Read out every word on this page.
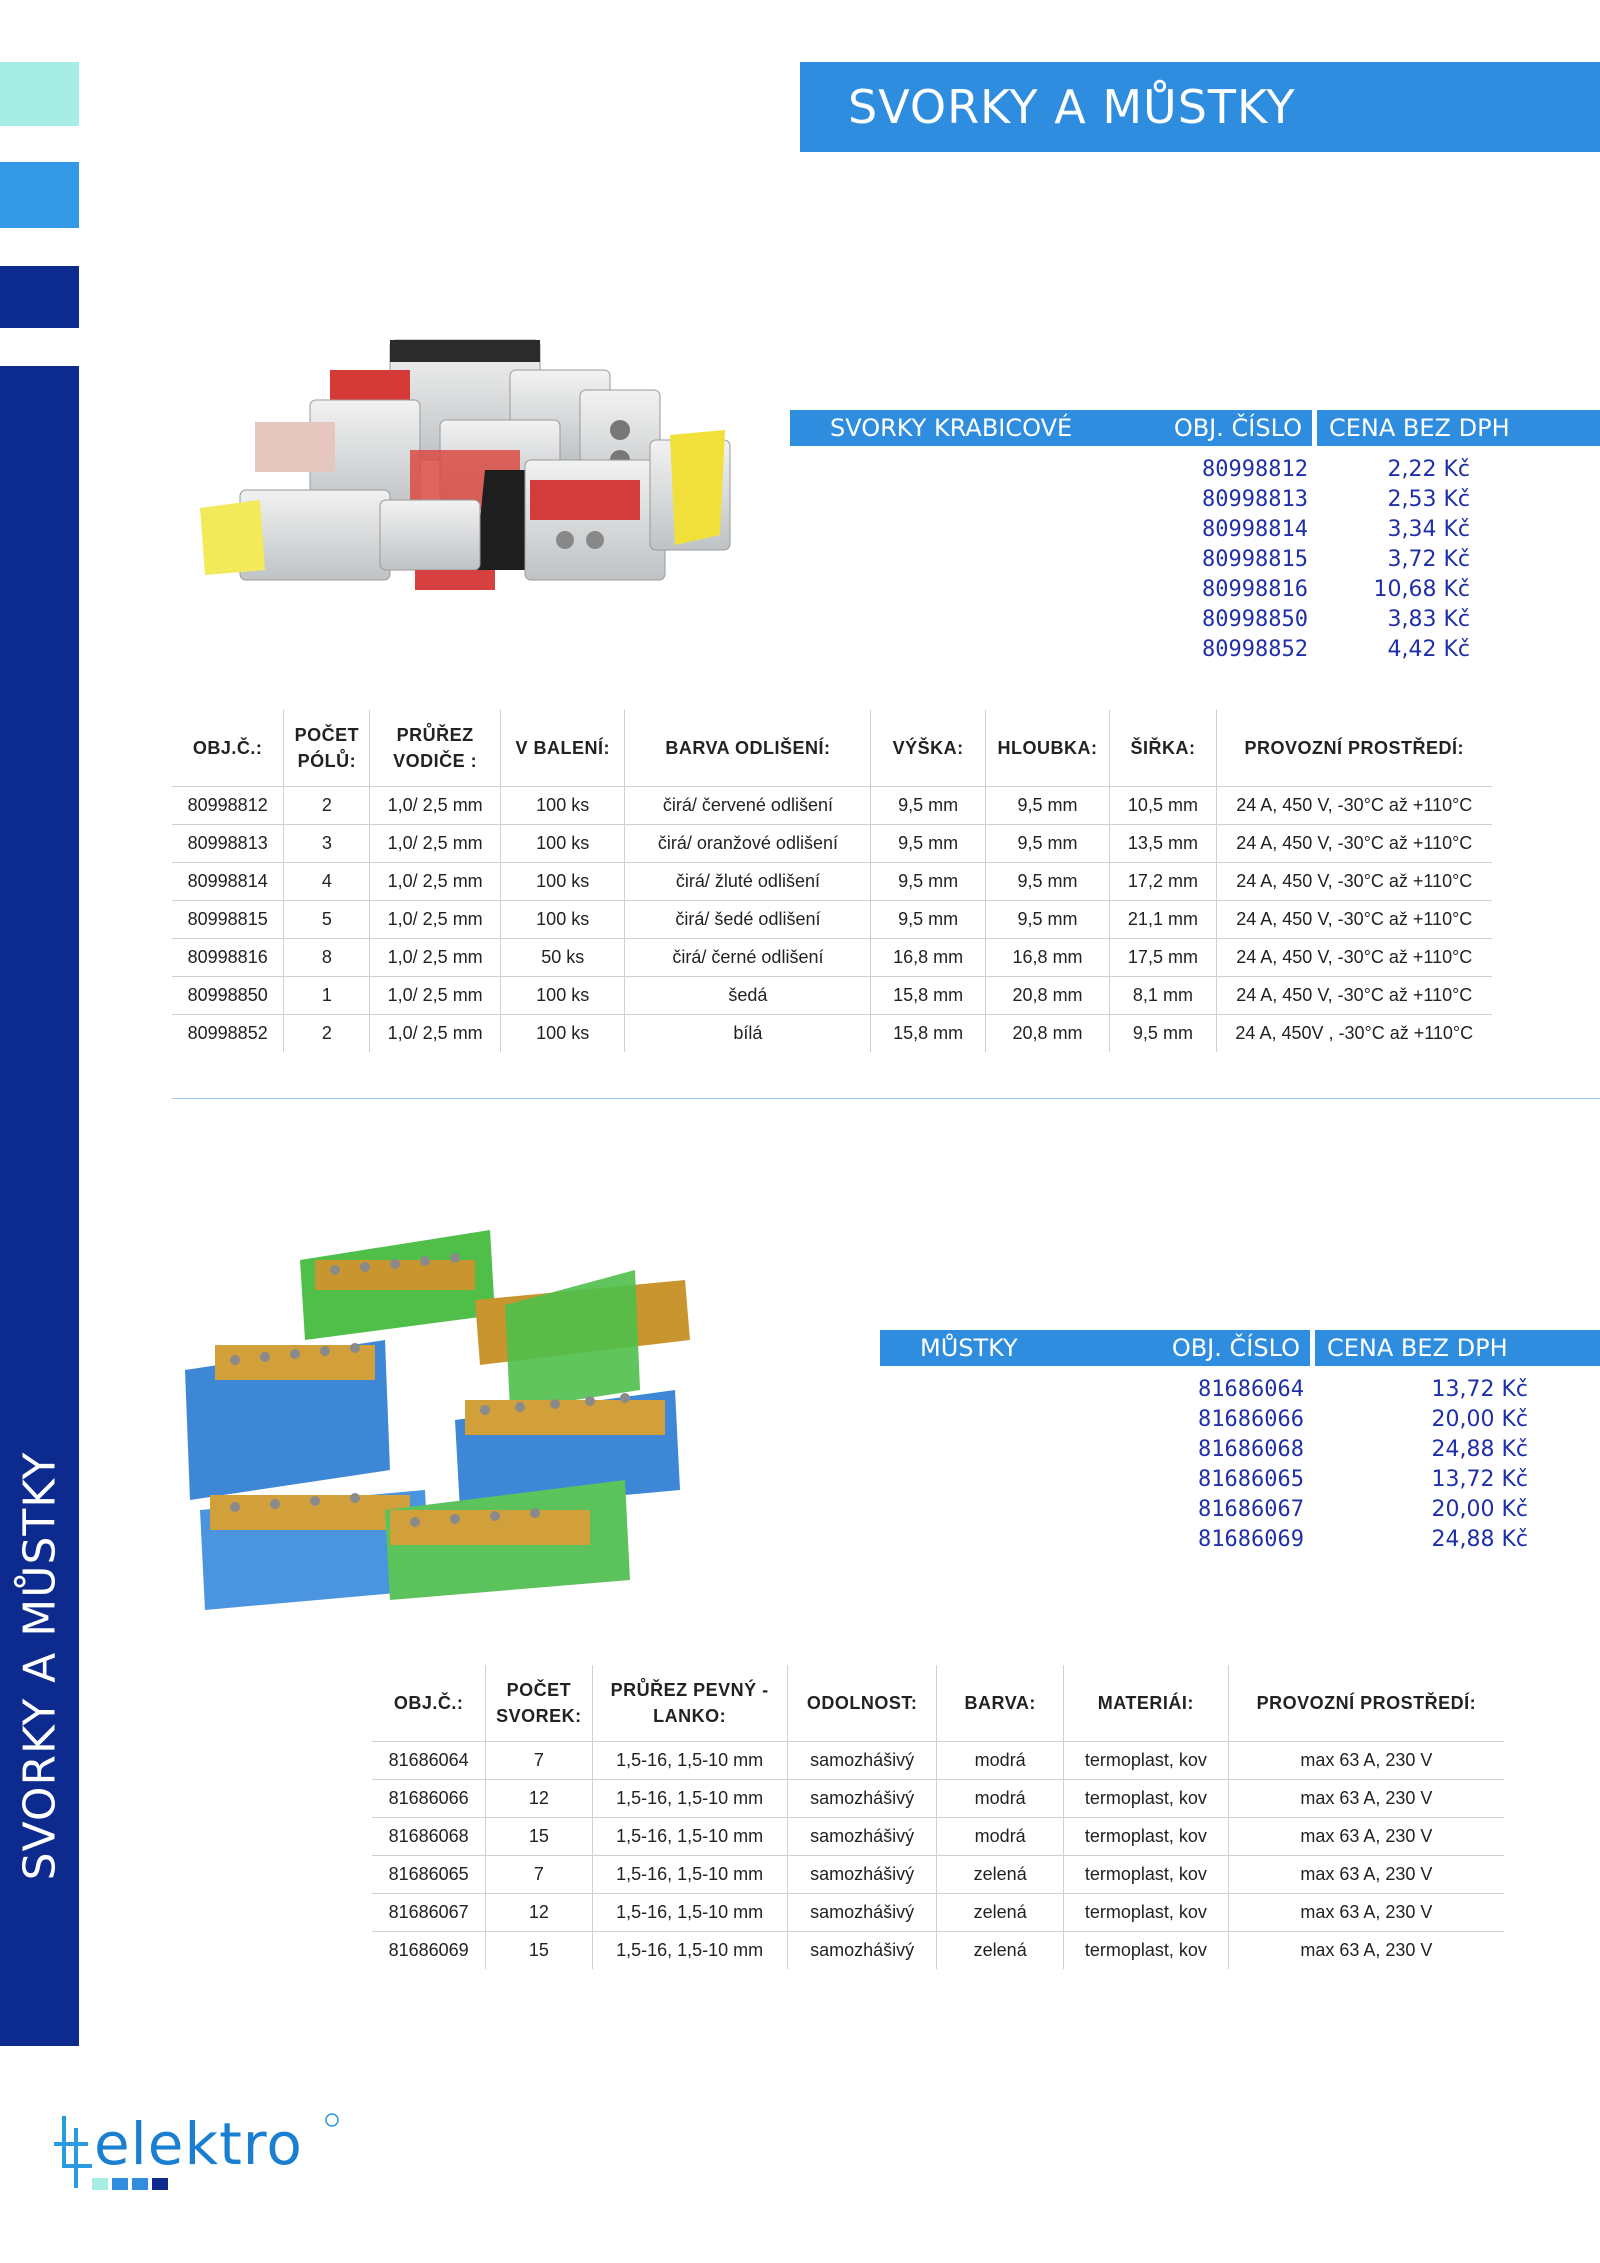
SVORKY A MŮSTKY
SVORKY A MŮSTKY
SVORKY KRABICOVÉ	OBJ. ČÍSLO CENA BEZ DPH
80998812	2,22 Kč
80998813	2,53 Kč
80998814	3,34 Kč
80998815	3,72 Kč
80998816	10,68 Kč
80998850	3,83 Kč
80998852	4,42 Kč
OBJ.Č.:	POČET PÓLŮ:	PRŮŘEZ VODIČE :	V BALENÍ:	BARVA ODLIŠENÍ:	VÝŠKA:	HLOUBKA:	ŠIŘKA:	PROVOZNÍ PROSTŘEDÍ:
80998812	2	1,0/ 2,5 mm	100 ks	čirá/ červené odlišení	9,5 mm	9,5 mm	10,5 mm	24 A, 450 V, -30°C až +110°C
80998813	3	1,0/ 2,5 mm	100 ks	čirá/ oranžové odlišení	9,5 mm	9,5 mm	13,5 mm	24 A, 450 V, -30°C až +110°C
80998814	4	1,0/ 2,5 mm	100 ks	čirá/ žluté odlišení	9,5 mm	9,5 mm	17,2 mm	24 A, 450 V, -30°C až +110°C
80998815	5	1,0/ 2,5 mm	100 ks	čirá/ šedé odlišení	9,5 mm	9,5 mm	21,1 mm	24 A, 450 V, -30°C až +110°C
80998816	8	1,0/ 2,5 mm	50 ks	čirá/ černé odlišení	16,8 mm	16,8 mm	17,5 mm	24 A, 450 V, -30°C až +110°C
80998850	1	1,0/ 2,5 mm	100 ks	šedá	15,8 mm	20,8 mm	8,1 mm	24 A, 450 V, -30°C až +110°C
80998852	2	1,0/ 2,5 mm	100 ks	bílá	15,8 mm	20,8 mm	9,5 mm	24 A, 450V , -30°C až +110°C
MŮSTKY	OBJ. ČÍSLO CENA BEZ DPH
81686064	13,72 Kč
81686066	20,00 Kč
81686068	24,88 Kč
81686065	13,72 Kč
81686067	20,00 Kč
81686069	24,88 Kč
OBJ.Č.:	POČET SVOREK:	PRŮŘEZ PEVNÝ - LANKO:	ODOLNOST:	BARVA:	MATERIÁI:	PROVOZNÍ PROSTŘEDÍ:
81686064	7	1,5-16, 1,5-10 mm	samozhášivý	modrá	termoplast, kov	max 63 A, 230 V
81686066	12	1,5-16, 1,5-10 mm	samozhášivý	modrá	termoplast, kov	max 63 A, 230 V
81686068	15	1,5-16, 1,5-10 mm	samozhášivý	modrá	termoplast, kov	max 63 A, 230 V
81686065	7	1,5-16, 1,5-10 mm	samozhášivý	zelená	termoplast, kov	max 63 A, 230 V
81686067	12	1,5-16, 1,5-10 mm	samozhášivý	zelená	termoplast, kov	max 63 A, 230 V
81686069	15	1,5-16, 1,5-10 mm	samozhášivý	zelená	termoplast, kov	max 63 A, 230 V
elektro
